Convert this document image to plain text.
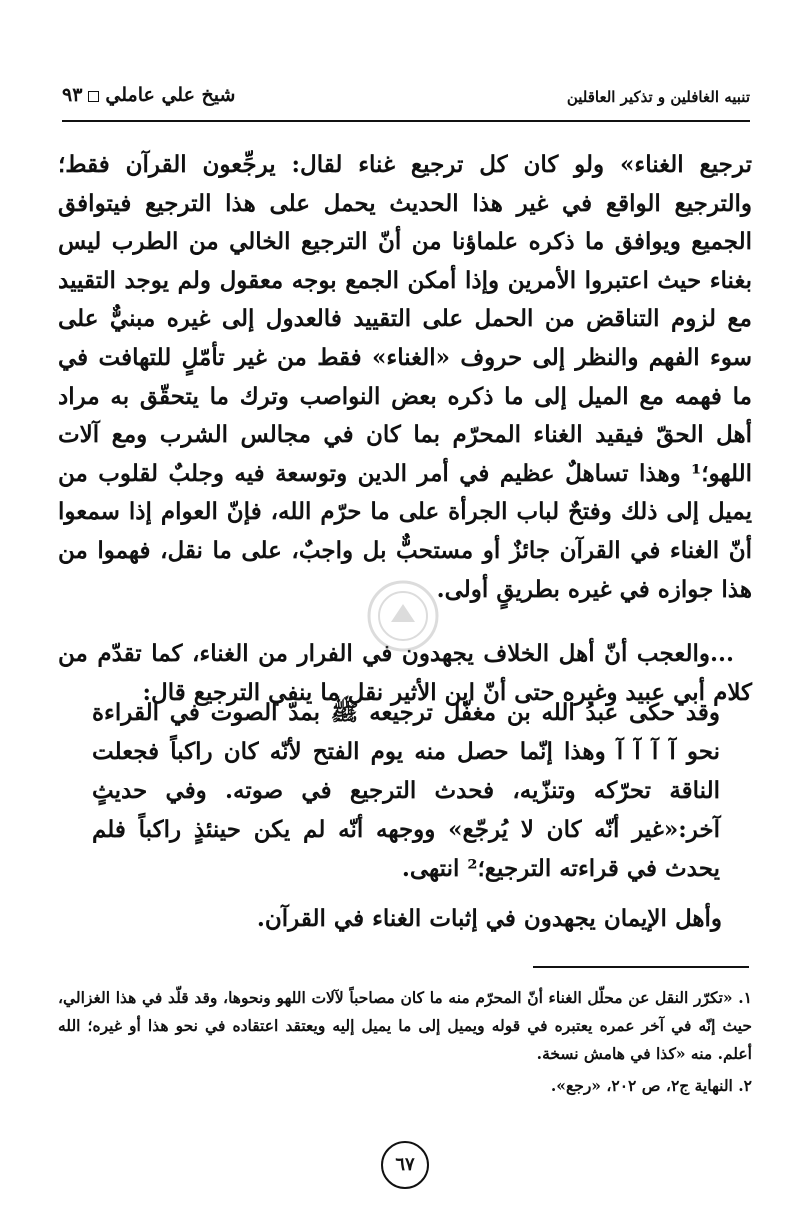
تنبيه الغافلين و تذكير العاقلين
شيخ علي عاملي٩٣

ترجيع الغناء» ولو كان كل ترجيع غناء لقال: يرجِّعون القرآن فقط؛ والترجيع الواقع في غير هذا الحديث يحمل على هذا الترجيع فيتوافق الجميع ويوافق ما ذكره علماؤنا من أنّ الترجيع الخالي من الطرب ليس بغناء حيث اعتبروا الأمرين وإذا أمكن الجمع بوجه معقول ولم يوجد التقييد مع لزوم التناقض من الحمل على التقييد فالعدول إلى غيره مبنيٌّ على سوء الفهم والنظر إلى حروف «الغناء» فقط من غير تأمّلٍ للتهافت في ما فهمه مع الميل إلى ما ذكره بعض النواصب وترك ما يتحقّق به مراد أهل الحقّ فيقيد الغناء المحرّم بما كان في مجالس الشرب ومع آلات اللهو؛¹ وهذا تساهلٌ عظيم في أمر الدين وتوسعة فيه وجلبٌ لقلوب من يميل إلى ذلك وفتحٌ لباب الجرأة على ما حرّم الله، فإنّ العوام إذا سمعوا أنّ الغناء في القرآن جائزٌ أو مستحبٌّ بل واجبٌ، على ما نقل، فهموا من هذا جوازه في غيره بطريقٍ أولى.

...والعجب أنّ أهل الخلاف يجهدون في الفرار من الغناء، كما تقدّم من كلام أبي عبيد وغيره حتى أنّ ابن الأثير نقل ما ينفي الترجيع قال:

وقد حكى عبدُ الله بن مغفّل ترجيعه ﷺ بمدّ الصوت في القراءة نحو آ آ آ آ وهذا إنّما حصل منه يوم الفتح لأنّه كان راكباً فجعلت الناقة تحرّكه وتنزّيه، فحدث الترجيع في صوته. وفي حديثٍ آخر:«غير أنّه كان لا يُرجّع» ووجهه أنّه لم يكن حينئذٍ راكباً فلم يحدث في قراءته الترجيع؛² انتهى.
وأهل الإيمان يجهدون في إثبات الغناء في القرآن.

١. «تكرّر النقل عن محلّل الغناء أنّ المحرّم منه ما كان مصاحباً لآلات اللهو ونحوها، وقد قلّد في هذا الغزالي، حيث إنّه في آخر عمره يعتبره في قوله ويميل إلى ما يميل إليه ويعتقد اعتقاده في نحو هذا أو غيره؛ الله أعلم. منه «كذا في هامش نسخة.

٢. النهاية ج٢، ص ٢٠٢، «رجع».

٦٧
